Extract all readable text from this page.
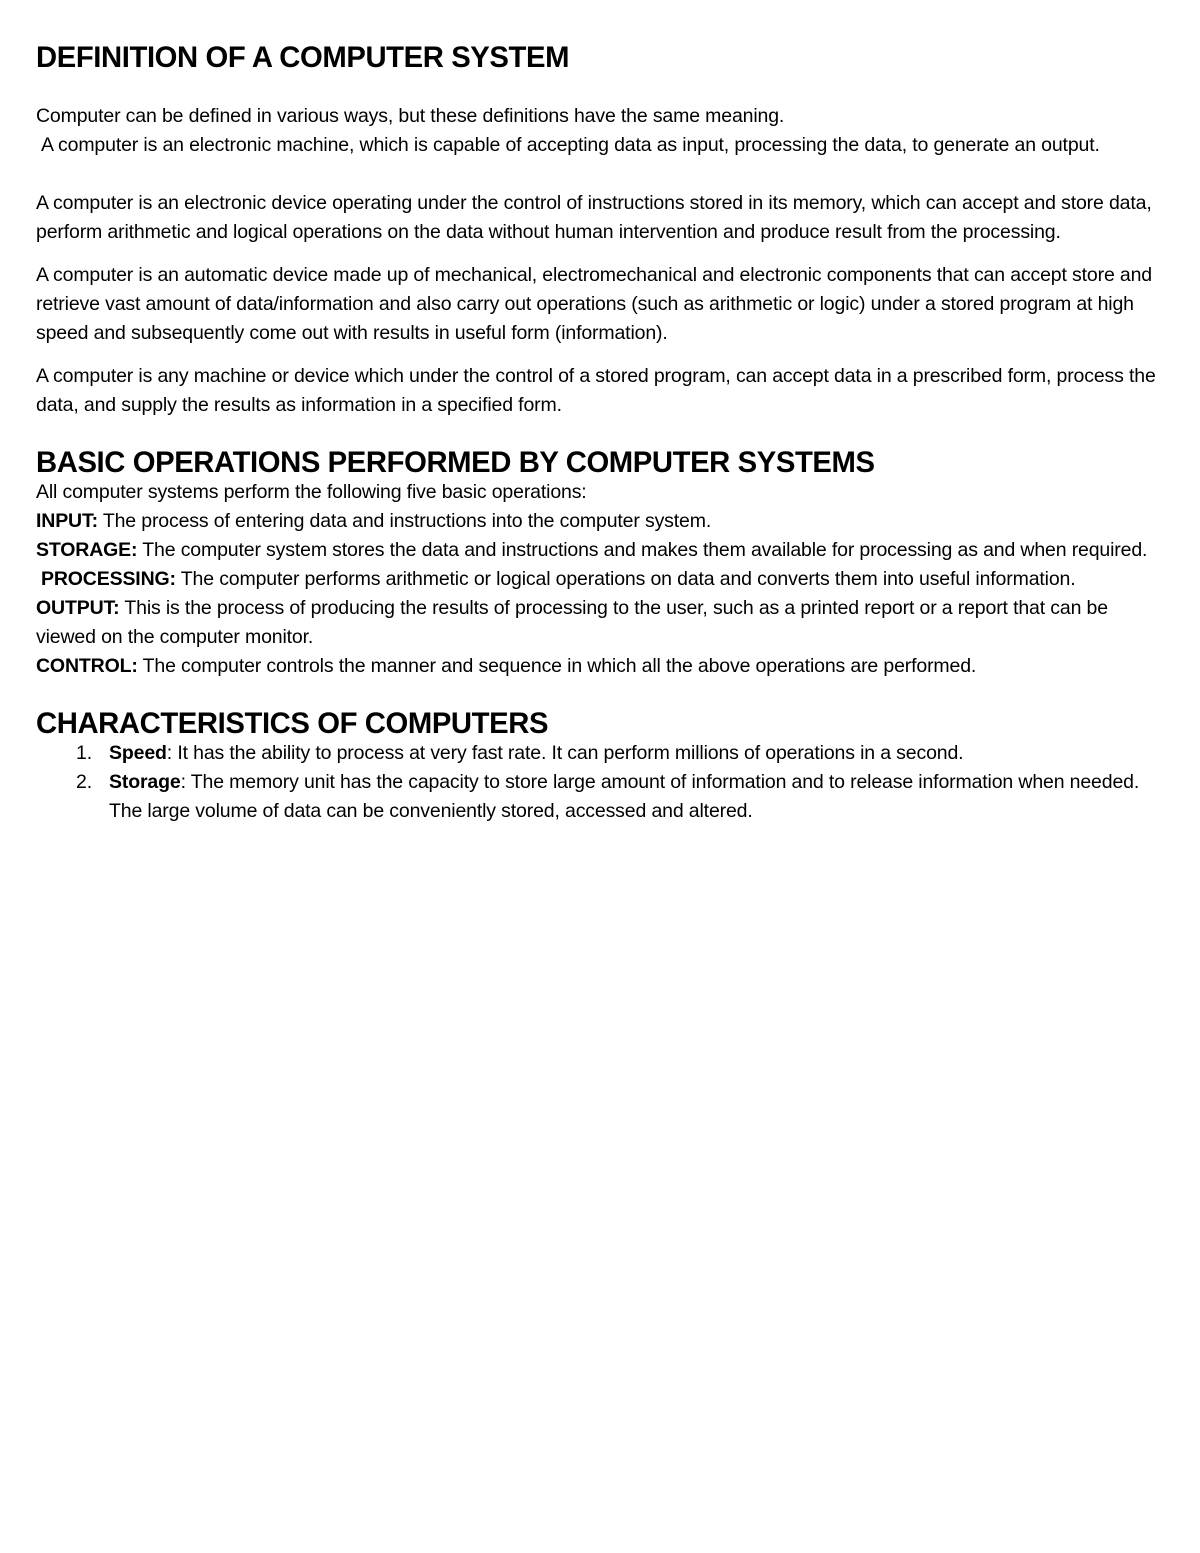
DEFINITION OF A COMPUTER SYSTEM

Computer can be defined in various ways, but these definitions have the same meaning.

A computer is an electronic machine, which is capable of accepting data as input, processing the data, to generate an output.

A computer is an electronic device operating under the control of instructions stored in its memory, which can accept and store data, perform arithmetic and logical operations on the data without human intervention and produce result from the processing.

A computer is an automatic device made up of mechanical, electromechanical and electronic components that can accept store and retrieve vast amount of data/information and also carry out operations (such as arithmetic or logic) under a stored program at high speed and subsequently come out with results in useful form (information).

A computer is any machine or device which under the control of a stored program, can accept data in a prescribed form, process the data, and supply the results as information in a specified form.

BASIC OPERATIONS PERFORMED BY COMPUTER SYSTEMS

All computer systems perform the following five basic operations:

INPUT: The process of entering data and instructions into the computer system.

STORAGE: The computer system stores the data and instructions and makes them available for processing as and when required.

PROCESSING: The computer performs arithmetic or logical operations on data and converts them into useful information.

OUTPUT: This is the process of producing the results of processing to the user, such as a printed report or a report that can be viewed on the computer monitor.

CONTROL: The computer controls the manner and sequence in which all the above operations are performed.

CHARACTERISTICS OF COMPUTERS
1. Speed: It has the ability to process at very fast rate. It can perform millions of operations in a second.
2. Storage: The memory unit has the capacity to store large amount of information and to release information when needed. The large volume of data can be conveniently stored, accessed and altered.
